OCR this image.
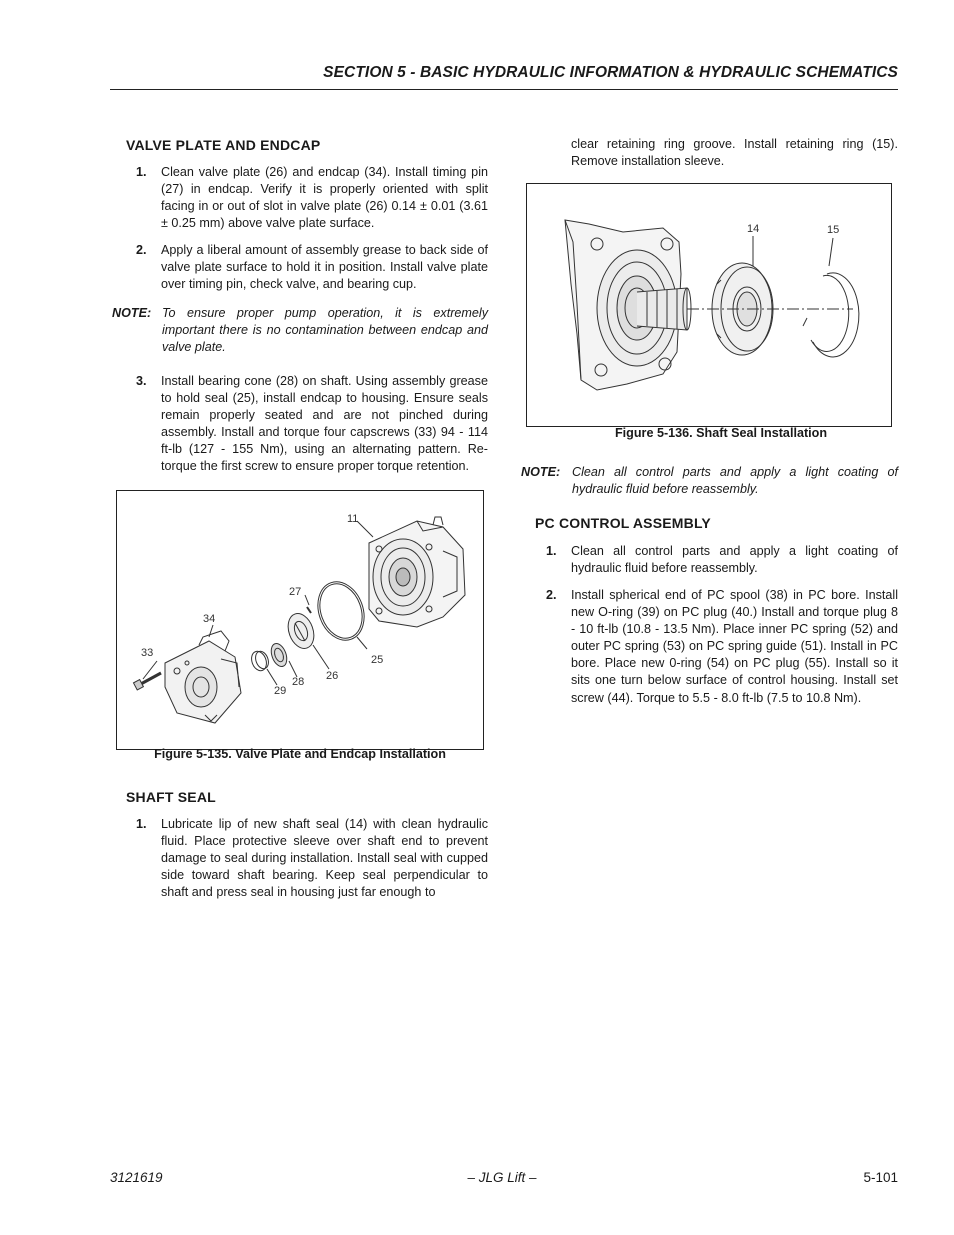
SECTION 5 - BASIC HYDRAULIC INFORMATION & HYDRAULIC SCHEMATICS
VALVE PLATE AND ENDCAP
1. Clean valve plate (26) and endcap (34). Install timing pin (27) in endcap. Verify it is properly oriented with split facing in or out of slot in valve plate (26) 0.14 ± 0.01 (3.61 ± 0.25 mm) above valve plate surface.
2. Apply a liberal amount of assembly grease to back side of valve plate surface to hold it in position. Install valve plate over timing pin, check valve, and bearing cup.
NOTE: To ensure proper pump operation, it is extremely important there is no contamination between endcap and valve plate.
3. Install bearing cone (28) on shaft. Using assembly grease to hold seal (25), install endcap to housing. Ensure seals remain properly seated and are not pinched during assembly. Install and torque four capscrews (33) 94 - 114 ft-lb (127 - 155 Nm), using an alternating pattern. Re-torque the first screw to ensure proper torque retention.
11
27
34
33
25
26
28
29
Figure 5-135. Valve Plate and Endcap Installation
SHAFT SEAL
1. Lubricate lip of new shaft seal (14) with clean hydraulic fluid. Place protective sleeve over shaft end to prevent damage to seal during installation. Install seal with cupped side toward shaft bearing. Keep seal perpendicular to shaft and press seal in housing just far enough to
clear retaining ring groove. Install retaining ring (15). Remove installation sleeve.
14	15
Figure 5-136. Shaft Seal Installation
NOTE: Clean all control parts and apply a light coating of hydraulic fluid before reassembly.
PC CONTROL ASSEMBLY
1. Clean all control parts and apply a light coating of hydraulic fluid before reassembly.
2. Install spherical end of PC spool (38) in PC bore. Install new O-ring (39) on PC plug (40.) Install and torque plug 8 - 10 ft-lb (10.8 - 13.5 Nm). Place inner PC spring (52) and outer PC spring (53) on PC spring guide (51). Install in PC bore. Place new 0-ring (54) on PC plug (55). Install so it sits one turn below surface of control housing. Install set screw (44). Torque to 5.5 - 8.0 ft-lb (7.5 to 10.8 Nm).
3121619	– JLG Lift –	5-101
